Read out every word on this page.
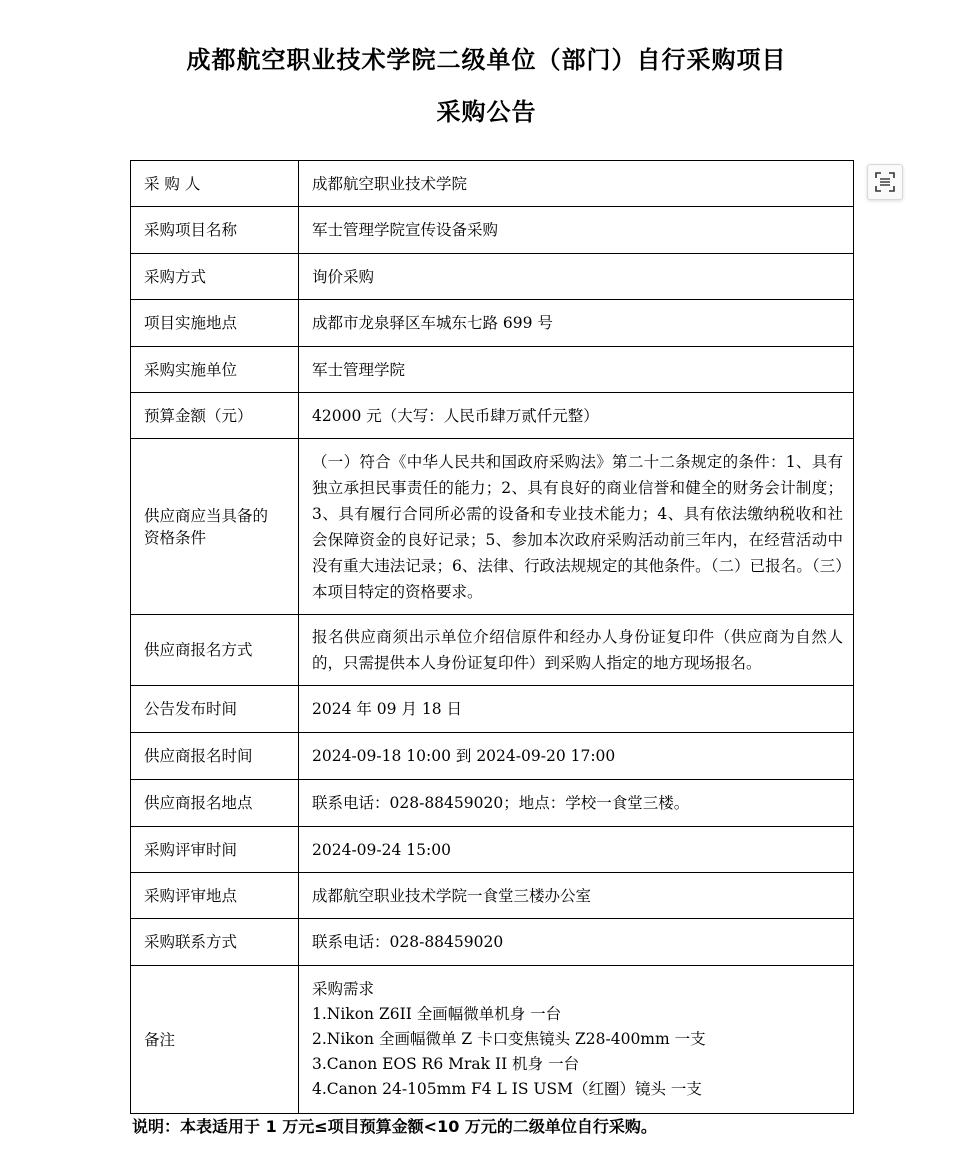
成都航空职业技术学院二级单位（部门）自行采购项目
采购公告
采 购 人	成都航空职业技术学院
采购项目名称	军士管理学院宣传设备采购
采购方式	询价采购
项目实施地点	成都市龙泉驿区车城东七路 699 号
采购实施单位	军士管理学院
预算金额（元）	42000 元（大写：人民币肆万贰仟元整）

供应商应当具备的
资格条件	（一）符合《中华人民共和国政府采购法》第二十二条规定的条件：1、具有独立承担民事责任的能力；2、具有良好的商业信誉和健全的财务会计制度；3、具有履行合同所必需的设备和专业技术能力；4、具有依法缴纳税收和社会保障资金的良好记录；5、参加本次政府采购活动前三年内，在经营活动中没有重大违法记录；6、法律、行政法规规定的其他条件。（二）已报名。（三）本项目特定的资格要求。
供应商报名方式	报名供应商须出示单位介绍信原件和经办人身份证复印件（供应商为自然人的，只需提供本人身份证复印件）到采购人指定的地方现场报名。
公告发布时间	2024 年 09 月 18 日
供应商报名时间	2024-09-18 10:00 到 2024-09-20 17:00
供应商报名地点	联系电话：028-88459020；地点：学校一食堂三楼。
采购评审时间	2024-09-24 15:00
采购评审地点	成都航空职业技术学院一食堂三楼办公室
采购联系方式	联系电话：028-88459020
备注	采购需求
1.Nikon Z6II 全画幅微单机身 一台
2.Nikon 全画幅微单 Z 卡口变焦镜头 Z28-400mm 一支
3.Canon EOS R6 Mrak II 机身 一台
4.Canon 24-105mm F4 L IS USM（红圈）镜头 一支
说明：本表适用于 1 万元≤项目预算金额<10 万元的二级单位自行采购。
